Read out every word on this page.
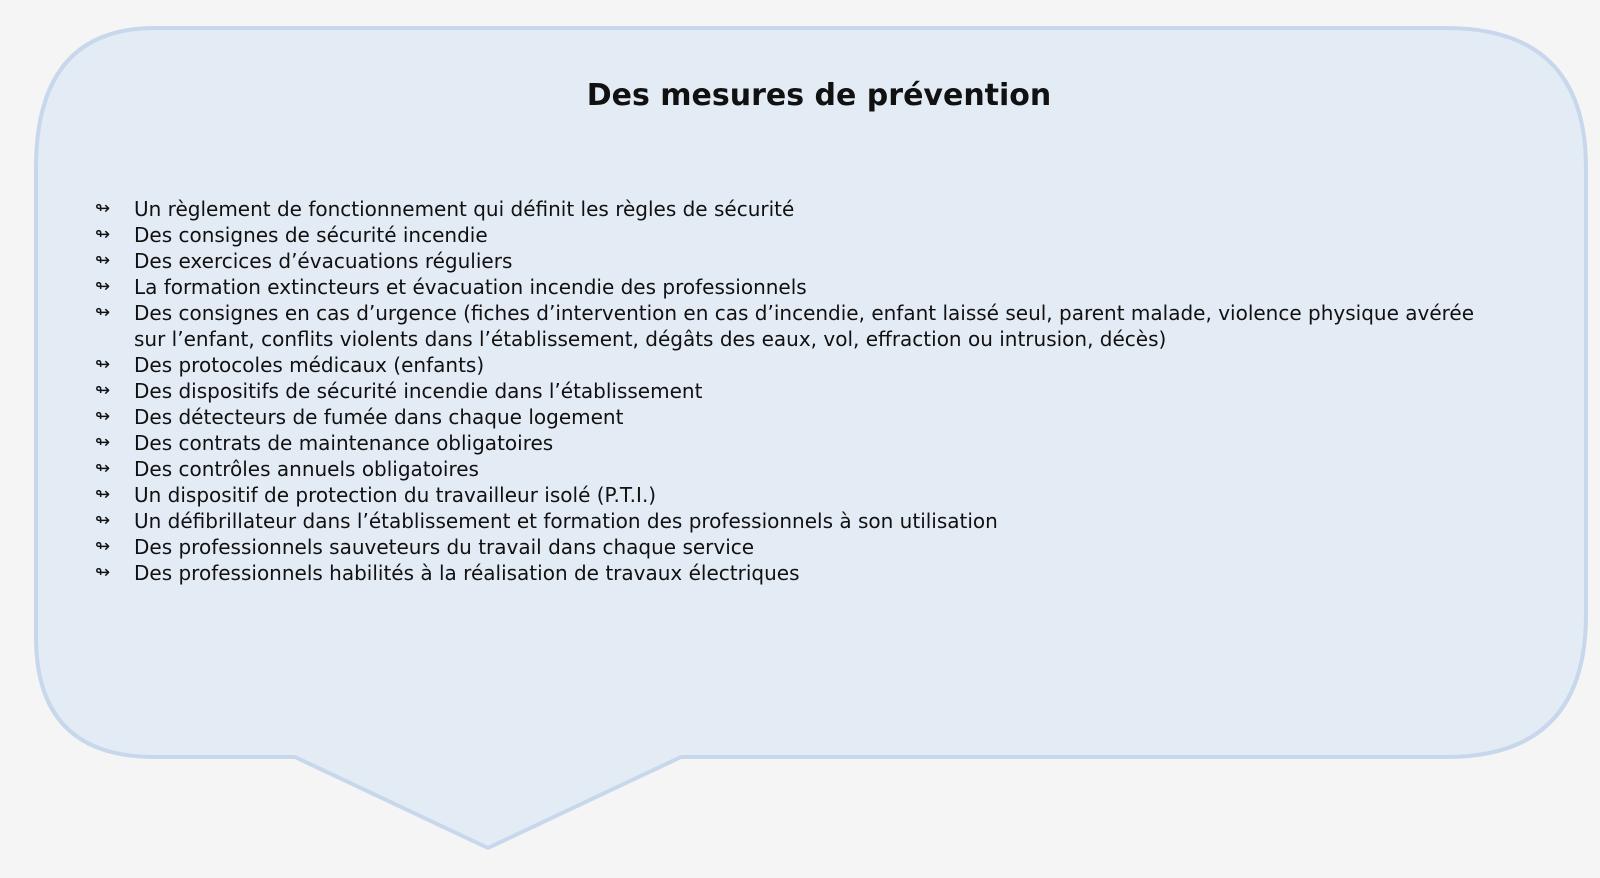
Des mesures de prévention
↬ Un règlement de fonctionnement qui définit les règles de sécurité
↬ Des consignes de sécurité incendie
↬ Des exercices d’évacuations réguliers
↬ La formation extincteurs et évacuation incendie des professionnels
↬ Des consignes en cas d’urgence (fiches d’intervention en cas d’incendie, enfant laissé seul, parent malade, violence physique avérée sur l’enfant, conflits violents dans l’établissement, dégâts des eaux, vol, effraction ou intrusion, décès)
↬ Des protocoles médicaux (enfants)
↬ Des dispositifs de sécurité incendie dans l’établissement
↬ Des détecteurs de fumée dans chaque logement
↬ Des contrats de maintenance obligatoires
↬ Des contrôles annuels obligatoires
↬ Un dispositif de protection du travailleur isolé (P.T.I.)
↬ Un défibrillateur dans l’établissement et formation des professionnels à son utilisation
↬ Des professionnels sauveteurs du travail dans chaque service
↬ Des professionnels habilités à la réalisation de travaux électriques
